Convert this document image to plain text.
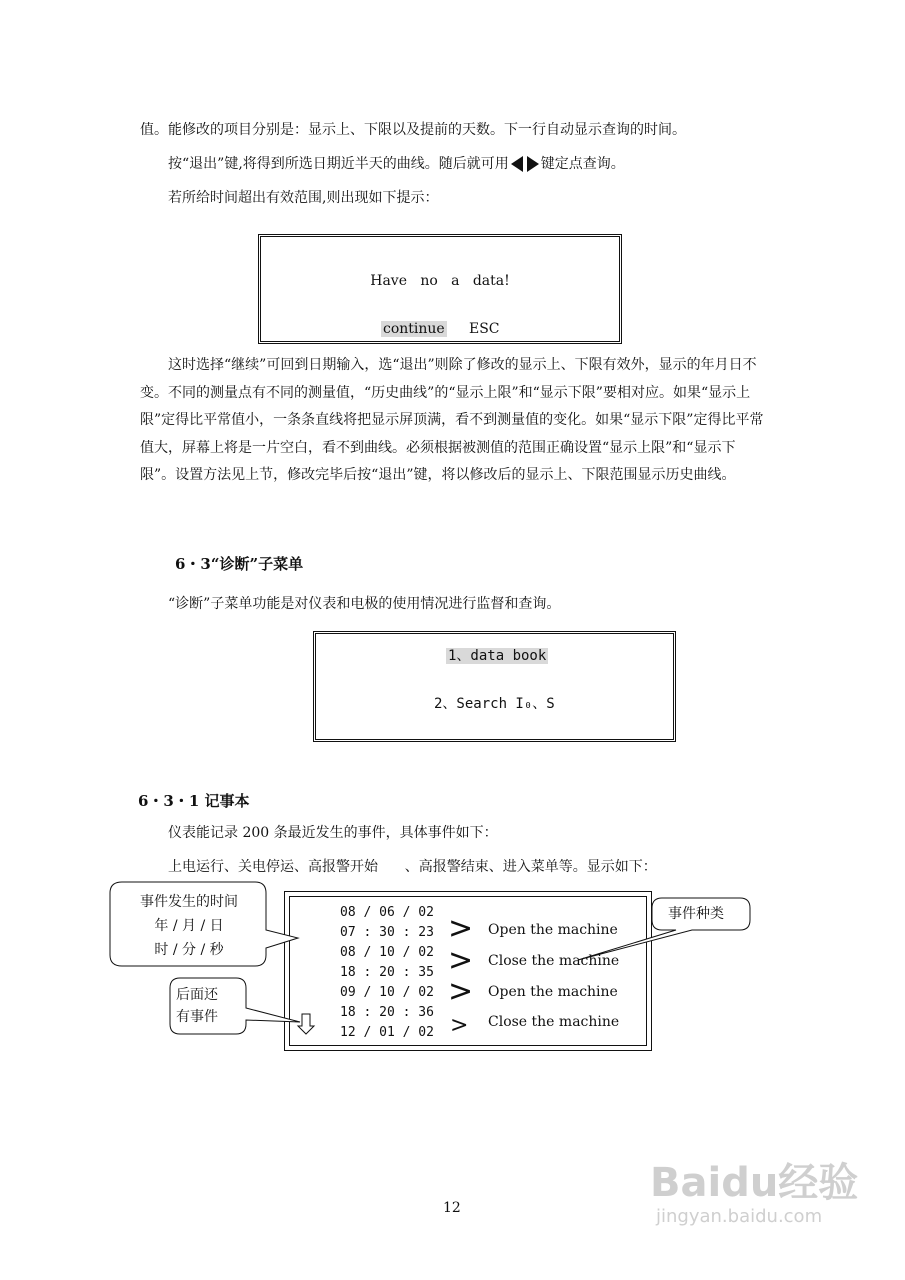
值。能修改的项目分别是：显示上、下限以及提前的天数。下一行自动显示查询的时间。
按“退出”键,将得到所选日期近半天的曲线。随后就可用 键定点查询。
若所给时间超出有效范围,则出现如下提示：
Have   no   a   data!
continue ESC
这时选择“继续”可回到日期输入，选“退出”则除了修改的显示上、下限有效外，显示的年月日不变。不同的测量点有不同的测量值，“历史曲线”的“显示上限”和“显示下限”要相对应。如果“显示上限”定得比平常值小，一条条直线将把显示屏顶满，看不到测量值的变化。如果“显示下限”定得比平常值大，屏幕上将是一片空白，看不到曲线。必须根据被测值的范围正确设置“显示上限”和“显示下限”。设置方法见上节，修改完毕后按“退出”键，将以修改后的显示上、下限范围显示历史曲线。
6・3“诊断”子菜单
“诊断”子菜单功能是对仪表和电极的使用情况进行监督和查询。
1、data book
2、Search I₀、S
6・3・1 记事本
仪表能记录 200 条最近发生的事件，具体事件如下：
上电运行、关电停运、高报警开始      、高报警结束、进入菜单等。显示如下：
08 / 06 / 02
07 : 30 : 23
08 / 10 / 02
18 : 20 : 35
09 / 10 / 02
18 : 20 : 36
12 / 01 / 02
>
>
>
>
Open the machine
Close the machine
Open the machine
Close the machine
事件发生的时间
年 / 月 / 日
时 / 分 / 秒
后面还
有事件
事件种类
12
Baidu经验
jingyan.baidu.com
